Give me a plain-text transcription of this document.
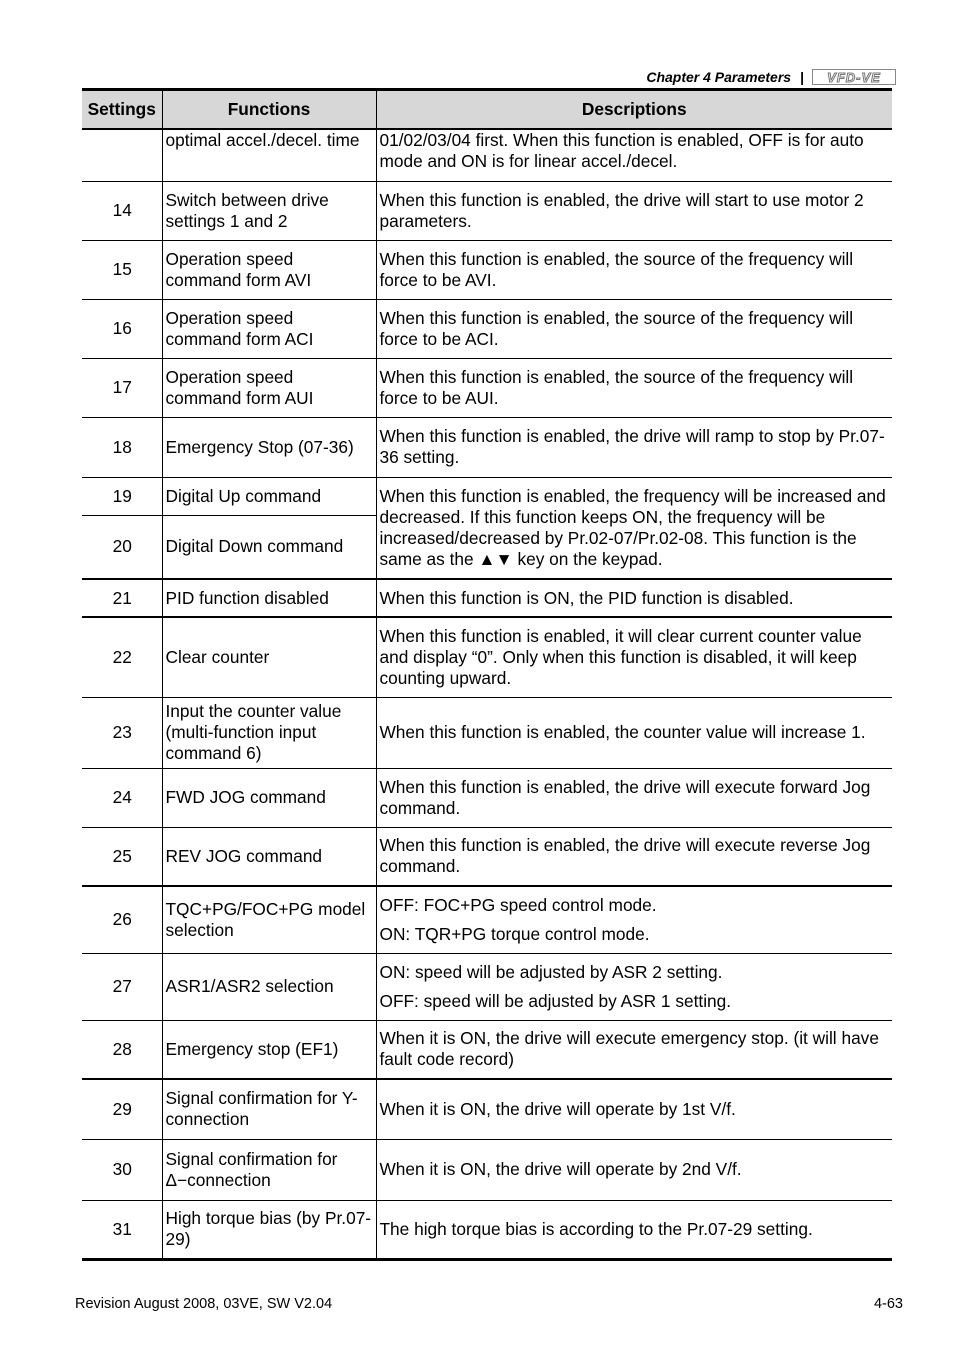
Chapter 4 Parameters |	VFD-VE
Settings	Functions	Descriptions
	optimal accel./decel. time	01/02/03/04 first. When this function is enabled, OFF is for auto mode and ON is for linear accel./decel.
14	Switch between drive settings 1 and 2	When this function is enabled, the drive will start to use motor 2 parameters.
15	Operation speed command form AVI	When this function is enabled, the source of the frequency will force to be AVI.
16	Operation speed command form ACI	When this function is enabled, the source of the frequency will force to be ACI.
17	Operation speed command form AUI	When this function is enabled, the source of the frequency will force to be AUI.
18	Emergency Stop (07-36)	When this function is enabled, the drive will ramp to stop by Pr.07-36 setting.
19	Digital Up command	When this function is enabled, the frequency will be increased and decreased. If this function keeps ON, the frequency will be increased/decreased by Pr.02-07/Pr.02-08. This function is the same as the ▲▼ key on the keypad.
20	Digital Down command	
21	PID function disabled	When this function is ON, the PID function is disabled.
22	Clear counter	When this function is enabled, it will clear current counter value and display “0”. Only when this function is disabled, it will keep counting upward.
23	Input the counter value (multi-function input command 6)	When this function is enabled, the counter value will increase 1.
24	FWD JOG command	When this function is enabled, the drive will execute forward Jog command.
25	REV JOG command	When this function is enabled, the drive will execute reverse Jog command.
26	TQC+PG/FOC+PG model selection	OFF: FOC+PG speed control mode.
ON: TQR+PG torque control mode.

27	ASR1/ASR2 selection	ON: speed will be adjusted by ASR 2 setting.
OFF: speed will be adjusted by ASR 1 setting.

28	Emergency stop (EF1)	When it is ON, the drive will execute emergency stop. (it will have fault code record)
29	Signal confirmation for Y-connection	When it is ON, the drive will operate by 1st V/f.
30	Signal confirmation for Δ−connection	When it is ON, the drive will operate by 2nd V/f.
31	High torque bias (by Pr.07-29)	The high torque bias is according to the Pr.07-29 setting.
Revision August 2008, 03VE, SW V2.04	4-63
